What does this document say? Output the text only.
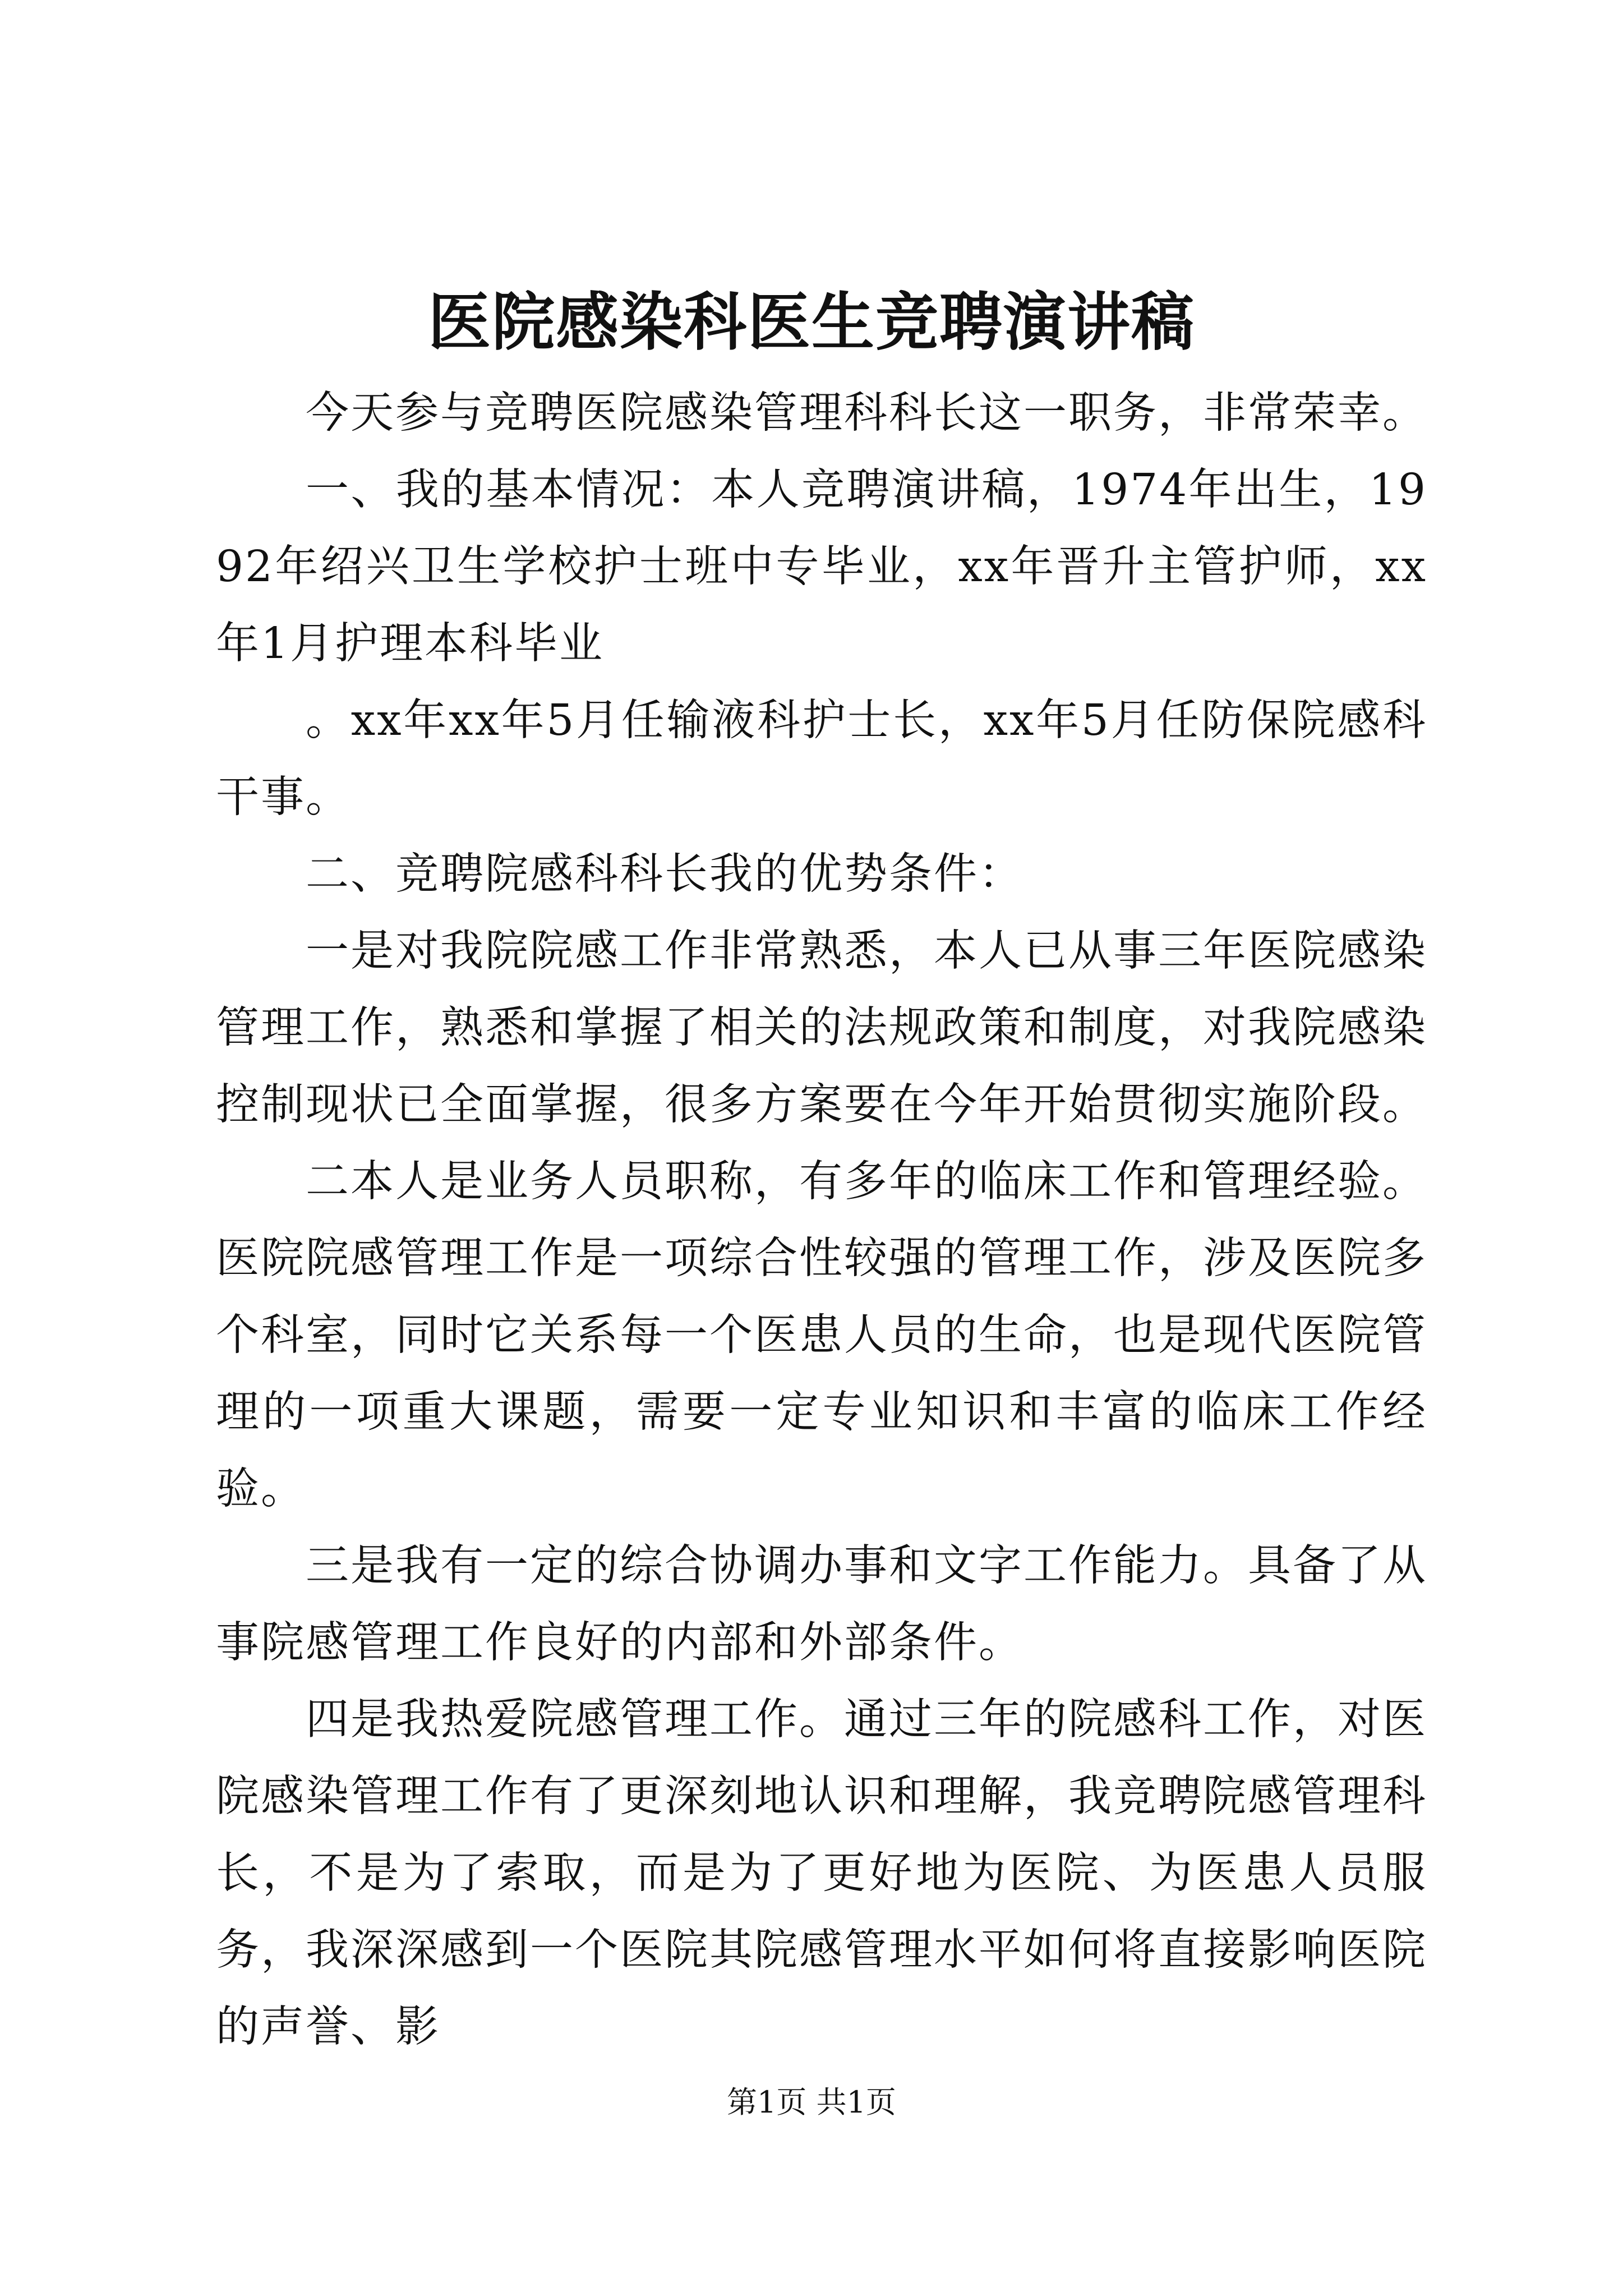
医院感染科医生竞聘演讲稿

今天参与竞聘医院感染管理科科长这一职务，非常荣幸。

一、我的基本情况：本人竞聘演讲稿，1974年出生，1992年绍兴卫生学校护士班中专毕业，xx年晋升主管护师，xx年1月护理本科毕业

。xx年xx年5月任输液科护士长，xx年5月任防保院感科干事。

二、竞聘院感科科长我的优势条件：

一是对我院院感工作非常熟悉，本人已从事三年医院感染管理工作，熟悉和掌握了相关的法规政策和制度，对我院感染控制现状已全面掌握，很多方案要在今年开始贯彻实施阶段。

二本人是业务人员职称，有多年的临床工作和管理经验。医院院感管理工作是一项综合性较强的管理工作，涉及医院多个科室，同时它关系每一个医患人员的生命，也是现代医院管理的一项重大课题，需要一定专业知识和丰富的临床工作经验。

三是我有一定的综合协调办事和文字工作能力。具备了从事院感管理工作良好的内部和外部条件。

四是我热爱院感管理工作。通过三年的院感科工作，对医院感染管理工作有了更深刻地认识和理解，我竞聘院感管理科长，不是为了索取，而是为了更好地为医院、为医患人员服务，我深深感到一个医院其院感管理水平如何将直接影响医院的声誉、影

第1页 共1页
